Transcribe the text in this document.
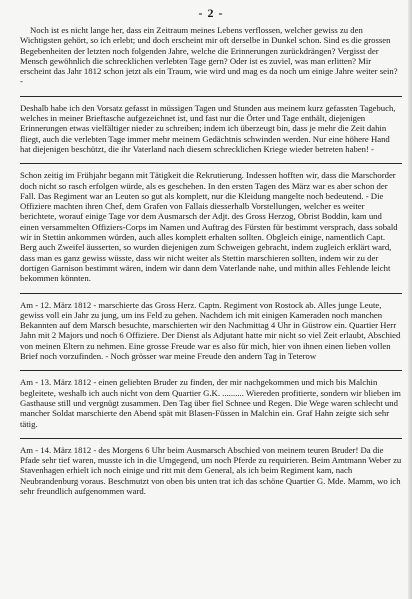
- 2 -

Noch ist es nicht lange her, dass ein Zeitraum meines Lebens verflossen, welcher gewiss zu den Wichtigsten gehört, so ich erlebt; und doch erscheint mir oft derselbe in Dunkel schon. Sind es die grossen Begebenheiten der letzten noch folgenden Jahre, welche die Erinnerungen zurückdrängen? Vergisst der Mensch gewöhnlich die schrecklichen verlebten Tage gern? Oder ist es zuviel, was man erlitten? Mir erscheint das Jahr 1812 schon jetzt als ein Traum, wie wird und mag es da noch um einige Jahre weiter sein? -

Deshalb habe ich den Vorsatz gefasst in müssigen Tagen und Stunden aus meinem kurz gefassten Tagebuch, welches in meiner Brieftasche aufgezeichnet ist, und fast nur die Örter und Tage enthält, diejenigen Erinnerungen etwas vielfältiger nieder zu schreiben; indem ich überzeugt bin, dass je mehr die Zeit dahin fliegt, auch die verlebten Tage immer mehr meinem Gedächtnis schwinden werden. Nur eine höhere Hand hat diejenigen beschützt, die ihr Vaterland nach diesem schrecklichen Kriege wieder betreten haben! -

Schon zeitig im Frühjahr begann mit Tätigkeit die Rekrutierung. Indessen hofften wir, dass die Marschorder doch nicht so rasch erfolgen würde, als es geschehen. In den ersten Tagen des März war es aber schon der Fall. Das Regiment war an Leuten so gut als komplett, nur die Kleidung mangelte noch bedeutend. - Die Offiziere machten ihren Chef, dem Grafen von Fallais diesserhalb Vorstellungen, welcher es weiter berichtete, worauf einige Tage vor dem Ausmarsch der Adjt. des Gross Herzog, Obrist Boddin, kam und einen versammelten Offiziers-Corps im Namen und Auftrag des Fürsten für bestimmt versprach, dass sobald wir in Stettin ankommen würden, auch alles komplett erhalten sollten. Obgleich einige, namentlich Capt. Berg auch Zweifel äusserten, so wurden diejenigen zum Schweigen gebracht, indem zugleich erklärt ward, dass man es ganz gewiss wüsste, dass wir nicht weiter als Stettin marschieren sollten, indem wir zu der dortigen Garnison bestimmt wären, indem wir dann dem Vaterlande nahe, und mithin alles Fehlende leicht bekommen könnten.

Am - 12. März 1812 - marschierte das Gross Herz. Captn. Regiment von Rostock ab. Alles junge Leute, gewiss voll ein Jahr zu jung, um ins Feld zu gehen. Nachdem ich mit einigen Kameraden noch manchen Bekannten auf dem Marsch besuchte, marschierten wir den Nachmittag 4 Uhr in Güstrow ein. Quartier Herr Jahn mit 2 Majors und noch 6 Offiziere. Der Dienst als Adjutant hatte mir nicht so viel Zeit erlaubt, Abschied von meinen Eltern zu nehmen. Eine grosse Freude war es also für mich, hier von ihnen einen lieben vollen Brief noch vorzufinden. - Noch grösser war meine Freude den andern Tag in Teterow

Am - 13. März 1812 - einen geliebten Bruder zu finden, der mir nachgekommen und mich bis Malchin begleitete, weshalb ich auch nicht von dem Quartier G.K. .......... Wiereden profitierte, sondern wir blieben im Gasthause still und vergnügt zusammen. Den Tag über fiel Schnee und Regen. Die Wege waren schlecht und mancher Soldat marschierte den Abend spät mit Blasen-Füssen in Malchin ein. Graf Hahn zeigte sich sehr tätig.

Am - 14. März 1812 - des Morgens 6 Uhr beim Ausmarsch Abschied von meinem teuren Bruder! Da die Pfade sehr tief waren, musste ich in die Umgegend, um noch Pferde zu requirieren. Beim Amtmann Weber zu Stavenhagen erhielt ich noch einige und ritt mit dem General, als ich beim Regiment kam, nach Neubrandenburg voraus. Beschmutzt von oben bis unten trat ich das schöne Quartier G. Mde. Mamm, wo ich sehr freundlich aufgenommen ward.
